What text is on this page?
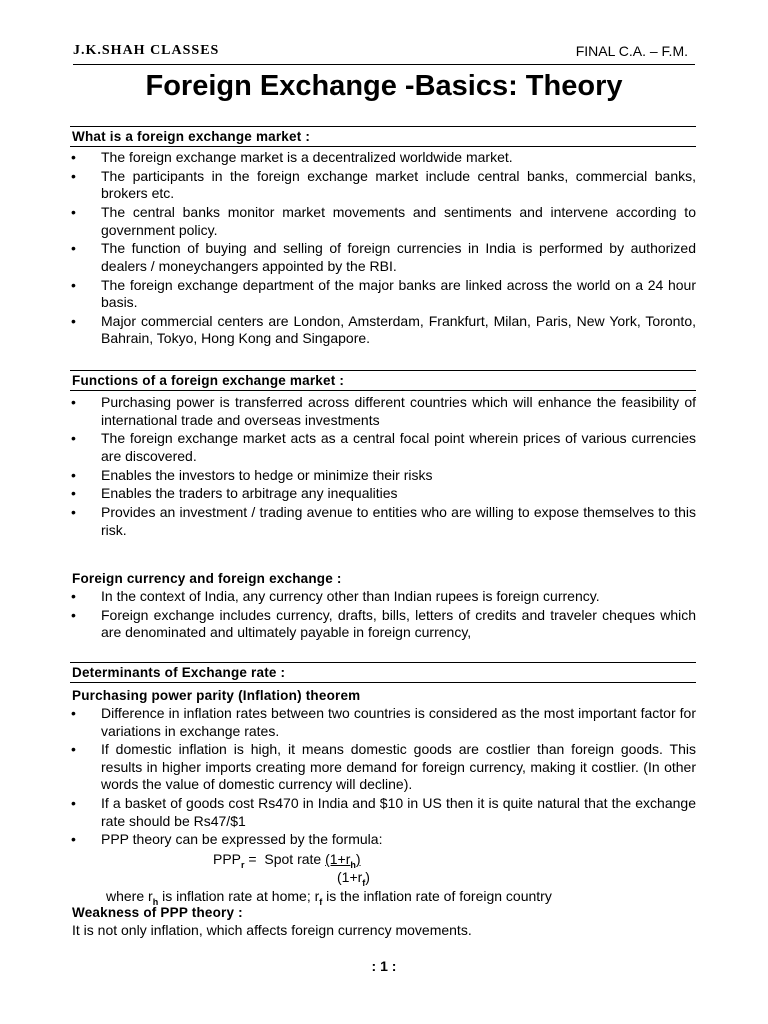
J.K.SHAH CLASSES	FINAL C.A. – F.M.
Foreign Exchange -Basics: Theory
What is a foreign exchange market :
• The foreign exchange market is a decentralized worldwide market.
• The participants in the foreign exchange market include central banks, commercial banks, brokers etc.
• The central banks monitor market movements and sentiments and intervene according to government policy.
• The function of buying and selling of foreign currencies in India is performed by authorized dealers / moneychangers appointed by the RBI.
• The foreign exchange department of the major banks are linked across the world on a 24 hour basis.
• Major commercial centers are London, Amsterdam, Frankfurt, Milan, Paris, New York, Toronto, Bahrain, Tokyo, Hong Kong and Singapore.
Functions of a foreign exchange market :
• Purchasing power is transferred across different countries which will enhance the feasibility of international trade and overseas investments
• The foreign exchange market acts as a central focal point wherein prices of various currencies are discovered.
• Enables the investors to hedge or minimize their risks
• Enables the traders to arbitrage any inequalities
• Provides an investment / trading avenue to entities who are willing to expose themselves to this risk.
Foreign currency and foreign exchange :
• In the context of India, any currency other than Indian rupees is foreign currency.
• Foreign exchange includes currency, drafts, bills, letters of credits and traveler cheques which are denominated and ultimately payable in foreign currency,
Determinants of Exchange rate :
Purchasing power parity (Inflation) theorem
• Difference in inflation rates between two countries is considered as the most important factor for variations in exchange rates.
• If domestic inflation is high, it means domestic goods are costlier than foreign goods. This results in higher imports creating more demand for foreign currency, making it costlier. (In other words the value of domestic currency will decline).
• If a basket of goods cost Rs470 in India and $10 in US then it is quite natural that the exchange rate should be Rs47/$1
• PPP theory can be expressed by the formula:
$PPP_r$ =  Spot rate $(1+r_h)$
$(1+r_f)$
where $r_h$ is inflation rate at home; $r_f$ is the inflation rate of foreign country
Weakness of PPP theory :
It is not only inflation, which affects foreign currency movements.
: 1 :
